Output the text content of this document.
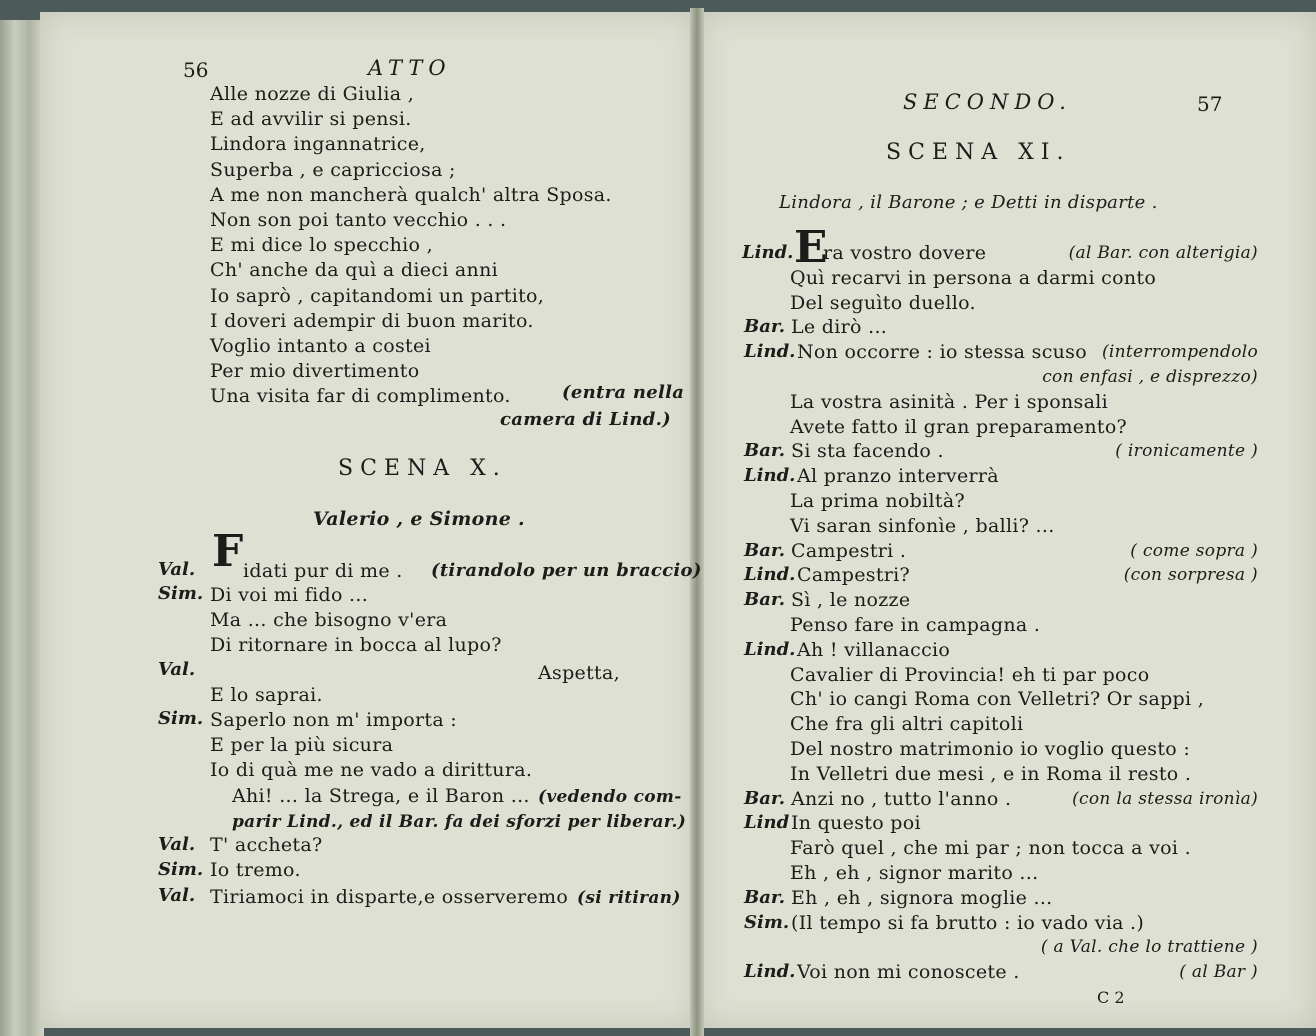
56	ATTO
Alle nozze di Giulia ,
E ad avvilir si pensi.
Lindora ingannatrice,
Superba , e capricciosa ;
A me non mancherà qualch' altra Sposa.
Non son poi tanto vecchio . . .
E mi dice lo specchio ,
Ch' anche da quì a dieci anni
Io saprò , capitandomi un partito,
I doveri adempir di buon marito.
Voglio intanto a costei
Per mio divertimento
Una visita far di complimento.	(entra nella
camera di Lind.)
SCENA X.
Valerio , e Simone .
Val. F idati pur di me . (tirandolo per un braccio)
Sim. Di voi mi fido ...
Ma ... che bisogno v'era
Di ritornare in bocca al lupo?
Val.	Aspetta,
E lo saprai.
Sim. Saperlo non m' importa :
E per la più sicura
Io di quà me ne vado a dirittura.
Ahi! ... la Strega, e il Baron ... (vedendo com-
parir Lind., ed il Bar. fa dei sforzi per liberar.)
Val. T' accheta?
Sim. Io tremo.
Val. Tiriamoci in disparte,e osserveremo (si ritiran)
SECONDO.	57
SCENA XI.
Lindora , il Barone ; e Detti in disparte .
E
Lind. ra vostro dovere	(al Bar. con alterigia)
Quì recarvi in persona a darmi conto
Del seguìto duello.
Bar. Le dirò ...
Lind. Non occorre : io stessa scuso (interrompendolo
con enfasi , e disprezzo)
La vostra asinità . Per i sponsali
Avete fatto il gran preparamento?
Bar. Si sta facendo .	( ironicamente )
Lind. Al pranzo interverrà
La prima nobiltà?
Vi saran sinfonìe , balli? ...
Bar. Campestri .	( come sopra )
Lind. Campestri?	(con sorpresa )
Bar. Sì , le nozze
Penso fare in campagna .
Lind. Ah ! villanaccio
Cavalier di Provincia! eh ti par poco
Ch' io cangi Roma con Velletri? Or sappi ,
Che fra gli altri capitoli
Del nostro matrimonio io voglio questo :
In Velletri due mesi , e in Roma il resto .
Bar. Anzi no , tutto l'anno .	(con la stessa ironìa)
Lind In questo poi
Farò quel , che mi par ; non tocca a voi .
Eh , eh , signor marito ...
Bar. Eh , eh , signora moglie ...
Sim. (Il tempo si fa brutto : io vado via .)
( a Val. che lo trattiene )
Lind. Voi non mi conoscete .	( al Bar )
C 2
